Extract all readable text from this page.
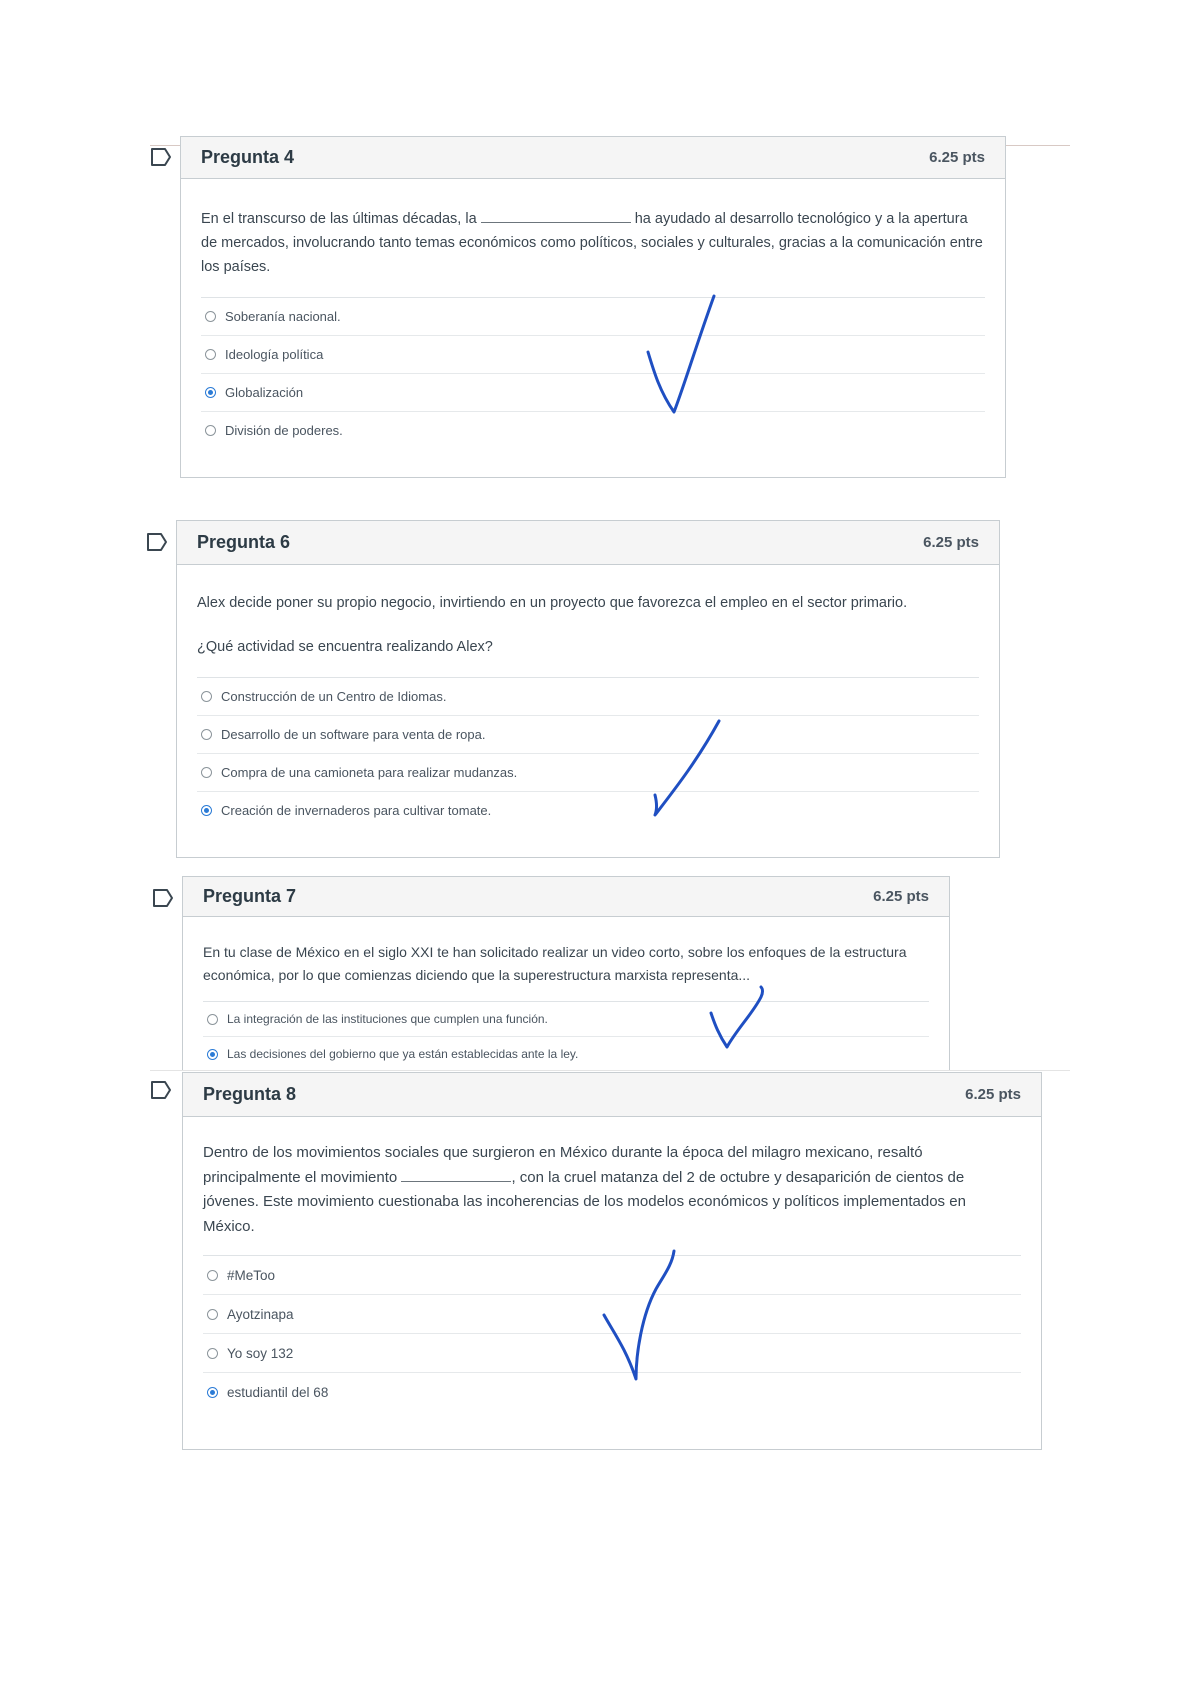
Pregunta 4	6.25 pts

En el transcurso de las últimas décadas, la	ha ayudado al desarrollo tecnológico y a la apertura de mercados, involucrando tanto temas económicos como políticos, sociales y culturales, gracias a la comunicación entre los países.

Soberanía nacional.
Ideología política
Globalización
División de poderes.
Pregunta 6	6.25 pts

Alex decide poner su propio negocio, invirtiendo en un proyecto que favorezca el empleo en el sector primario.

¿Qué actividad se encuentra realizando Alex?

Construcción de un Centro de Idiomas.
Desarrollo de un software para venta de ropa.
Compra de una camioneta para realizar mudanzas.
Creación de invernaderos para cultivar tomate.
Pregunta 7	6.25 pts

En tu clase de México en el siglo XXI te han solicitado realizar un video corto, sobre los enfoques de la estructura económica, por lo que comienzas diciendo que la superestructura marxista representa...

La integración de las instituciones que cumplen una función.
Las decisiones del gobierno que ya están establecidas ante la ley.
Pregunta 8	6.25 pts

Dentro de los movimientos sociales que surgieron en México durante la época del milagro mexicano, resaltó principalmente el movimiento	, con la cruel matanza del 2 de octubre y desaparición de cientos de jóvenes. Este movimiento cuestionaba las incoherencias de los modelos económicos y políticos implementados en México.

#MeToo
Ayotzinapa
Yo soy 132
estudiantil del 68
